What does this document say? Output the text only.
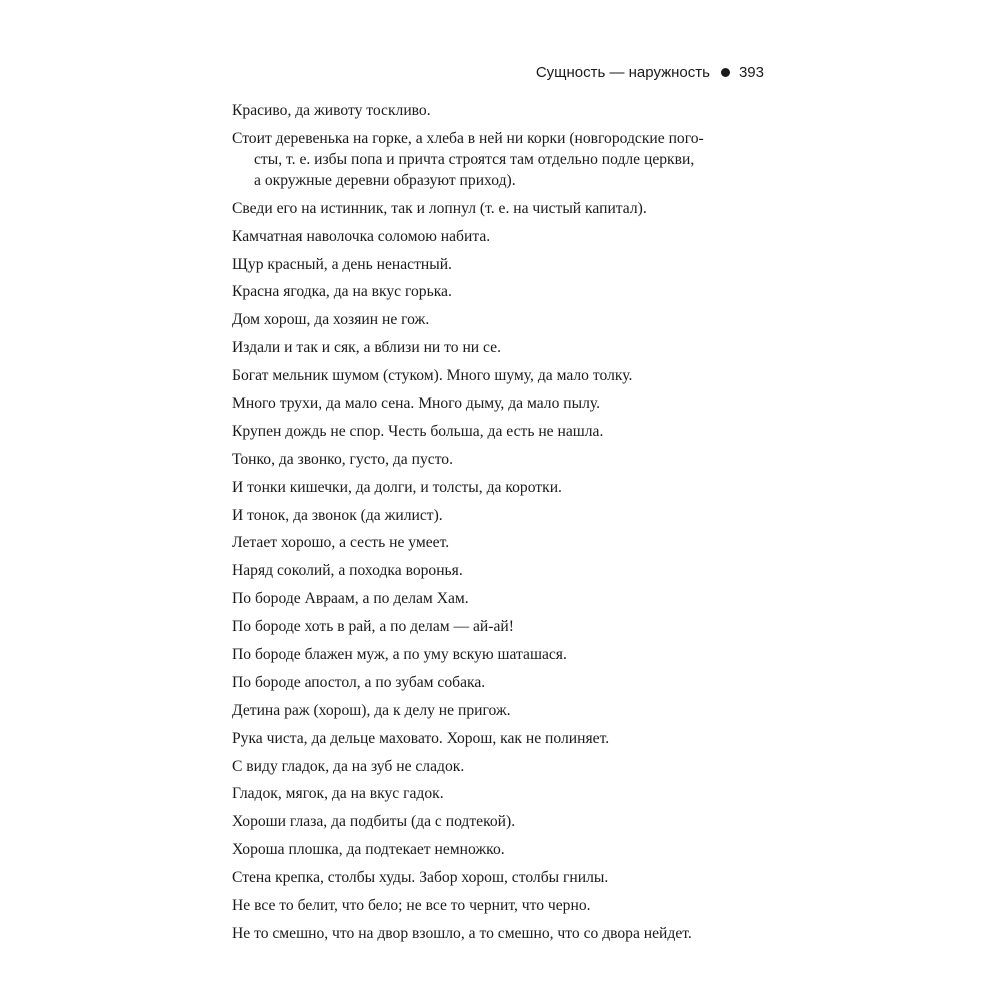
Сущность — наружность 393
Красиво, да животу тоскливо.
Стоит деревенька на горке, а хлеба в ней ни корки (новгородские пого-
сты, т. е. избы попа и причта строятся там отдельно подле церкви,
а окружные деревни образуют приход).
Сведи его на истинник, так и лопнул (т. е. на чистый капитал).
Камчатная наволочка соломою набита.
Щур красный, а день ненастный.
Красна ягодка, да на вкус горька.
Дом хорош, да хозяин не гож.
Издали и так и сяк, а вблизи ни то ни се.
Богат мельник шумом (стуком). Много шуму, да мало толку.
Много трухи, да мало сена. Много дыму, да мало пылу.
Крупен дождь не спор. Честь больша, да есть не нашла.
Тонко, да звонко, густо, да пусто.
И тонки кишечки, да долги, и толсты, да коротки.
И тонок, да звонок (да жилист).
Летает хорошо, а сесть не умеет.
Наряд соколий, а походка воронья.
По бороде Авраам, а по делам Хам.
По бороде хоть в рай, а по делам — ай-ай!
По бороде блажен муж, а по уму вскую шаташася.
По бороде апостол, а по зубам собака.
Детина раж (хорош), да к делу не пригож.
Рука чиста, да дельце маховато. Хорош, как не полиняет.
С виду гладок, да на зуб не сладок.
Гладок, мягок, да на вкус гадок.
Хороши глаза, да подбиты (да с подтекой).
Хороша плошка, да подтекает немножко.
Стена крепка, столбы худы. Забор хорош, столбы гнилы.
Не все то белит, что бело; не все то чернит, что черно.
Не то смешно, что на двор взошло, а то смешно, что со двора нейдет.
